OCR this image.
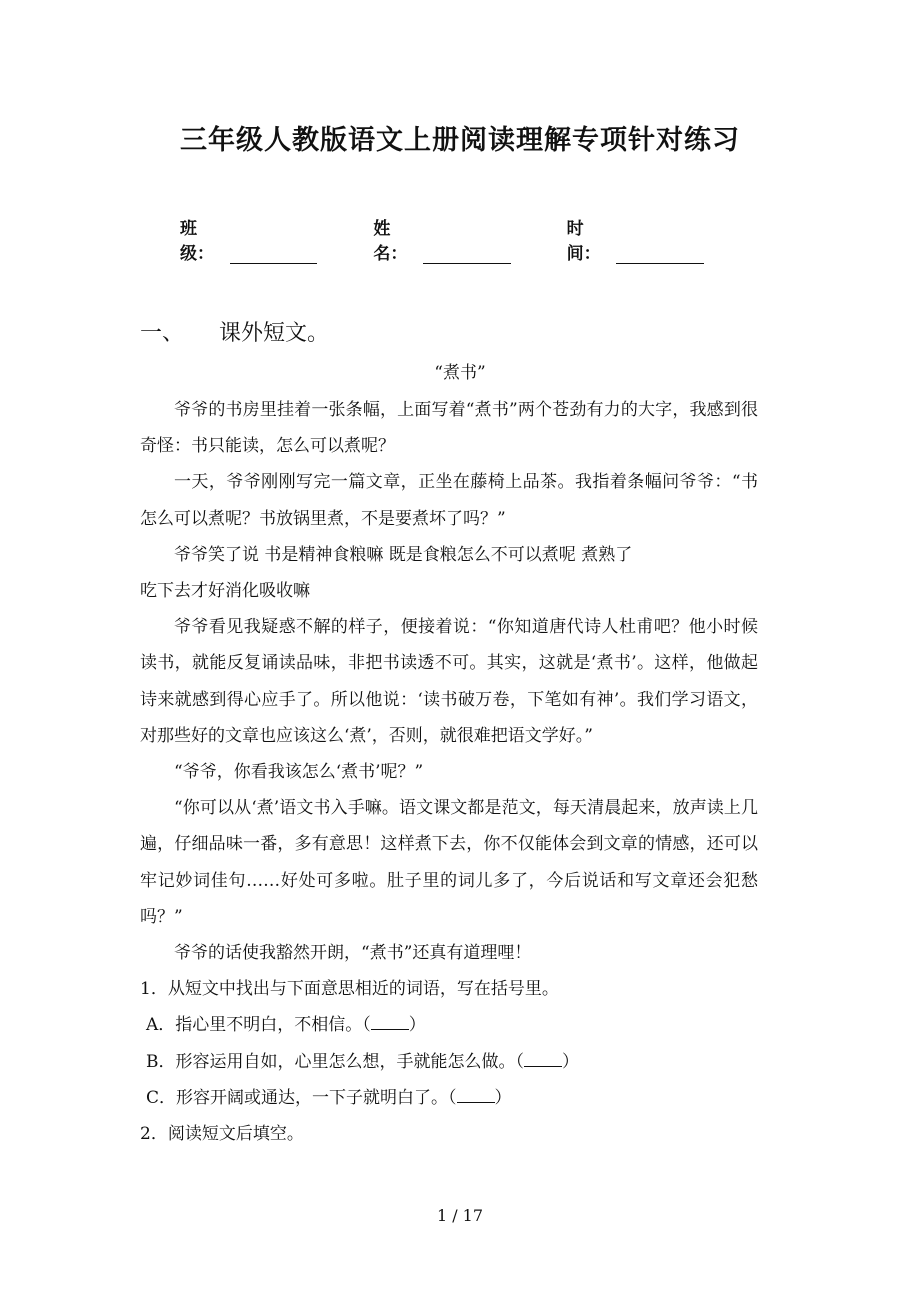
三年级人教版语文上册阅读理解专项针对练习
班级：
姓名：
时间：
一、 课外短文。
“煮书”

爷爷的书房里挂着一张条幅，上面写着“煮书”两个苍劲有力的大字，我感到很奇怪：书只能读，怎么可以煮呢？

一天，爷爷刚刚写完一篇文章，正坐在藤椅上品茶。我指着条幅问爷爷：“书怎么可以煮呢？书放锅里煮，不是要煮坏了吗？”

爷爷笑了说 书是精神食粮嘛 既是食粮怎么不可以煮呢 煮熟了

吃下去才好消化吸收嘛

爷爷看见我疑惑不解的样子，便接着说：“你知道唐代诗人杜甫吧？他小时候读书，就能反复诵读品味，非把书读透不可。其实，这就是‘煮书’。这样，他做起诗来就感到得心应手了。所以他说：‘读书破万卷，下笔如有神’。我们学习语文，对那些好的文章也应该这么‘煮’，否则，就很难把语文学好。”

“爷爷，你看我该怎么‘煮书’呢？”

“你可以从‘煮’语文书入手嘛。语文课文都是范文，每天清晨起来，放声读上几遍，仔细品味一番，多有意思！这样煮下去，你不仅能体会到文章的情感，还可以牢记妙词佳句……好处可多啦。肚子里的词儿多了，今后说话和写文章还会犯愁吗？”

爷爷的话使我豁然开朗，“煮书”还真有道理哩！

1．从短文中找出与下面意思相近的词语，写在括号里。

A．指心里不明白，不相信。（ ）

B．形容运用自如，心里怎么想，手就能怎么做。（ ）

C．形容开阔或通达，一下子就明白了。（ ）

2．阅读短文后填空。

1 / 17
